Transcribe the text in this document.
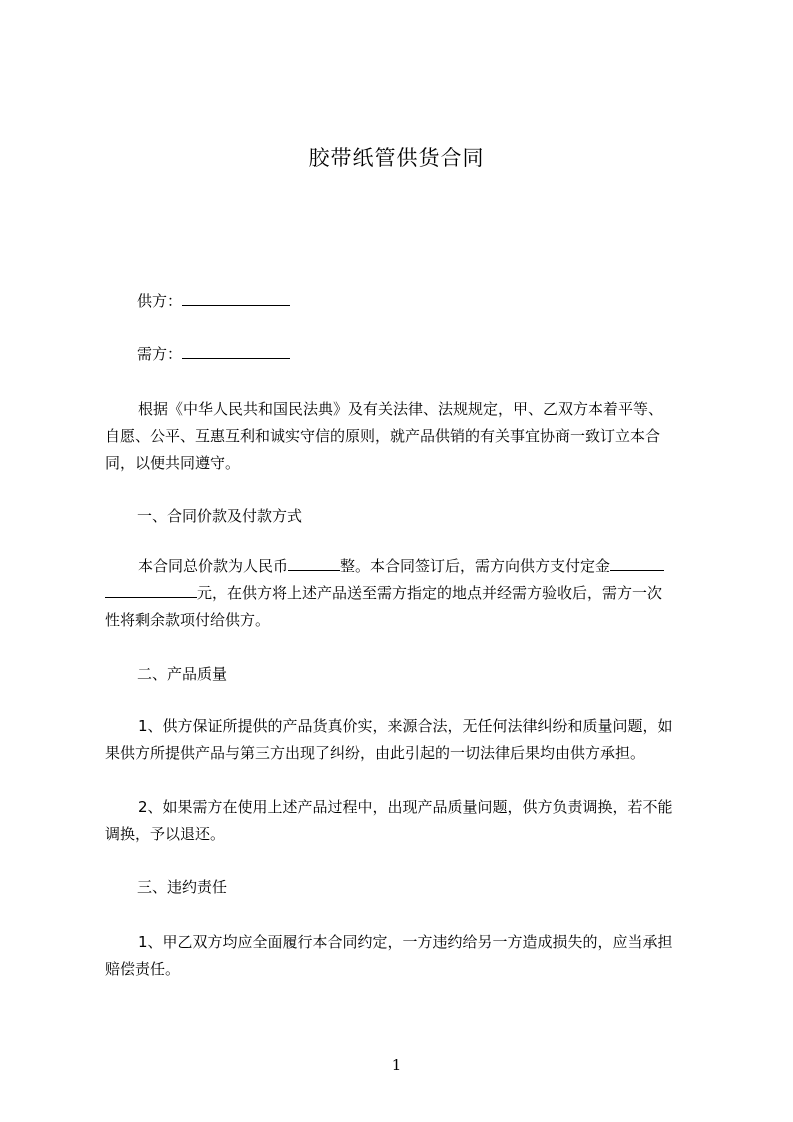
胶带纸管供货合同
供方：
需方：
根据《中华人民共和国民法典》及有关法律、法规规定，甲、乙双方本着平等、
自愿、公平、互惠互利和诚实守信的原则，就产品供销的有关事宜协商一致订立本合
同，以便共同遵守。
一、合同价款及付款方式
本合同总价款为人民币	整。本合同签订后，需方向供方支付定金
元，在供方将上述产品送至需方指定的地点并经需方验收后，需方一次
性将剩余款项付给供方。
二、产品质量
1、供方保证所提供的产品货真价实，来源合法，无任何法律纠纷和质量问题，如
果供方所提供产品与第三方出现了纠纷，由此引起的一切法律后果均由供方承担。
2、如果需方在使用上述产品过程中，出现产品质量问题，供方负责调换，若不能
调换，予以退还。
三、违约责任
1、甲乙双方均应全面履行本合同约定，一方违约给另一方造成损失的，应当承担
赔偿责任。
1
